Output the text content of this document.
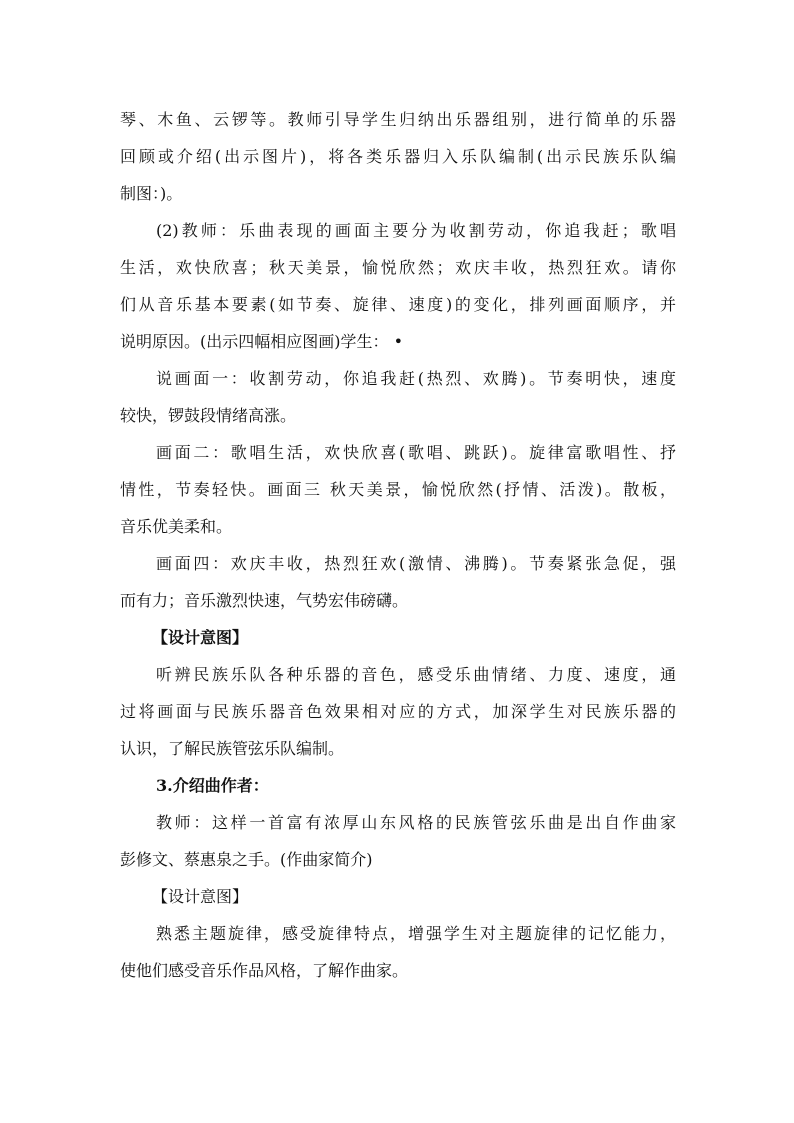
琴、木鱼、云锣等。教师引导学生归纳出乐器组别，进行简单的乐器
回顾或介绍(出示图片)，将各类乐器归入乐队编制(出示民族乐队编
制图：)。
(2)教师：乐曲表现的画面主要分为收割劳动，你追我赶；歌唱
生活，欢快欣喜；秋天美景，愉悦欣然；欢庆丰收，热烈狂欢。请你
们从音乐基本要素(如节奏、旋律、速度)的变化，排列画面顺序，并
说明原因。(出示四幅相应图画)学生： •
说画面一：收割劳动，你追我赶(热烈、欢腾)。节奏明快，速度
较快，锣鼓段情绪高涨。
画面二：歌唱生活，欢快欣喜(歌唱、跳跃)。旋律富歌唱性、抒
情性，节奏轻快。画面三 秋天美景，愉悦欣然(抒情、活泼)。散板，
音乐优美柔和。
画面四：欢庆丰收，热烈狂欢(激情、沸腾)。节奏紧张急促，强
而有力；音乐激烈快速，气势宏伟磅礴。
【设计意图】
听辨民族乐队各种乐器的音色，感受乐曲情绪、力度、速度，通
过将画面与民族乐器音色效果相对应的方式，加深学生对民族乐器的
认识，了解民族管弦乐队编制。
3.介绍曲作者：
教师：这样一首富有浓厚山东风格的民族管弦乐曲是出自作曲家
彭修文、蔡惠泉之手。(作曲家简介)
【设计意图】
熟悉主题旋律，感受旋律特点，增强学生对主题旋律的记忆能力，
使他们感受音乐作品风格，了解作曲家。
